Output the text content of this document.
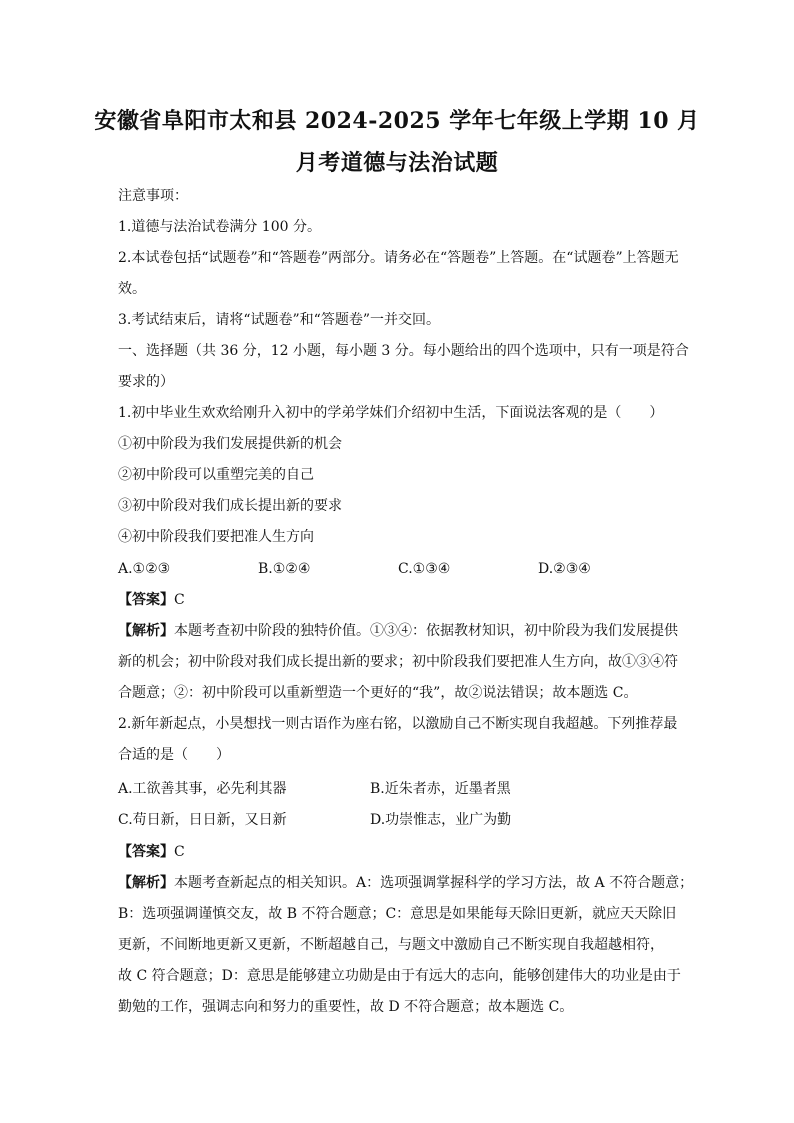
安徽省阜阳市太和县 2024-2025 学年七年级上学期 10 月
月考道德与法治试题
注意事项：
1.道德与法治试卷满分 100 分。
2.本试卷包括“试题卷”和“答题卷”两部分。请务必在“答题卷”上答题。在“试题卷”上答题无
效。
3.考试结束后，请将“试题卷”和“答题卷”一并交回。
一、选择题（共 36 分，12 小题，每小题 3 分。每小题给出的四个选项中，只有一项是符合
要求的）
1.初中毕业生欢欢给刚升入初中的学弟学妹们介绍初中生活，下面说法客观的是（　　）
①初中阶段为我们发展提供新的机会
②初中阶段可以重塑完美的自己
③初中阶段对我们成长提出新的要求
④初中阶段我们要把准人生方向
A.①②③	B.①②④	C.①③④	D.②③④
【答案】C
【解析】本题考查初中阶段的独特价值。①③④：依据教材知识，初中阶段为我们发展提供
新的机会；初中阶段对我们成长提出新的要求；初中阶段我们要把准人生方向，故①③④符
合题意；②：初中阶段可以重新塑造一个更好的“我”，故②说法错误；故本题选 C。
2.新年新起点，小昊想找一则古语作为座右铭，以激励自己不断实现自我超越。下列推荐最
合适的是（　　）
A.工欲善其事，必先利其器	B.近朱者赤，近墨者黑
C.苟日新，日日新，又日新	D.功崇惟志，业广为勤
【答案】C
【解析】本题考查新起点的相关知识。A：选项强调掌握科学的学习方法，故 A 不符合题意；
B：选项强调谨慎交友，故 B 不符合题意；C：意思是如果能每天除旧更新，就应天天除旧
更新，不间断地更新又更新，不断超越自己，与题文中激励自己不断实现自我超越相符，
故 C 符合题意；D：意思是能够建立功勋是由于有远大的志向，能够创建伟大的功业是由于
勤勉的工作，强调志向和努力的重要性，故 D 不符合题意；故本题选 C。
